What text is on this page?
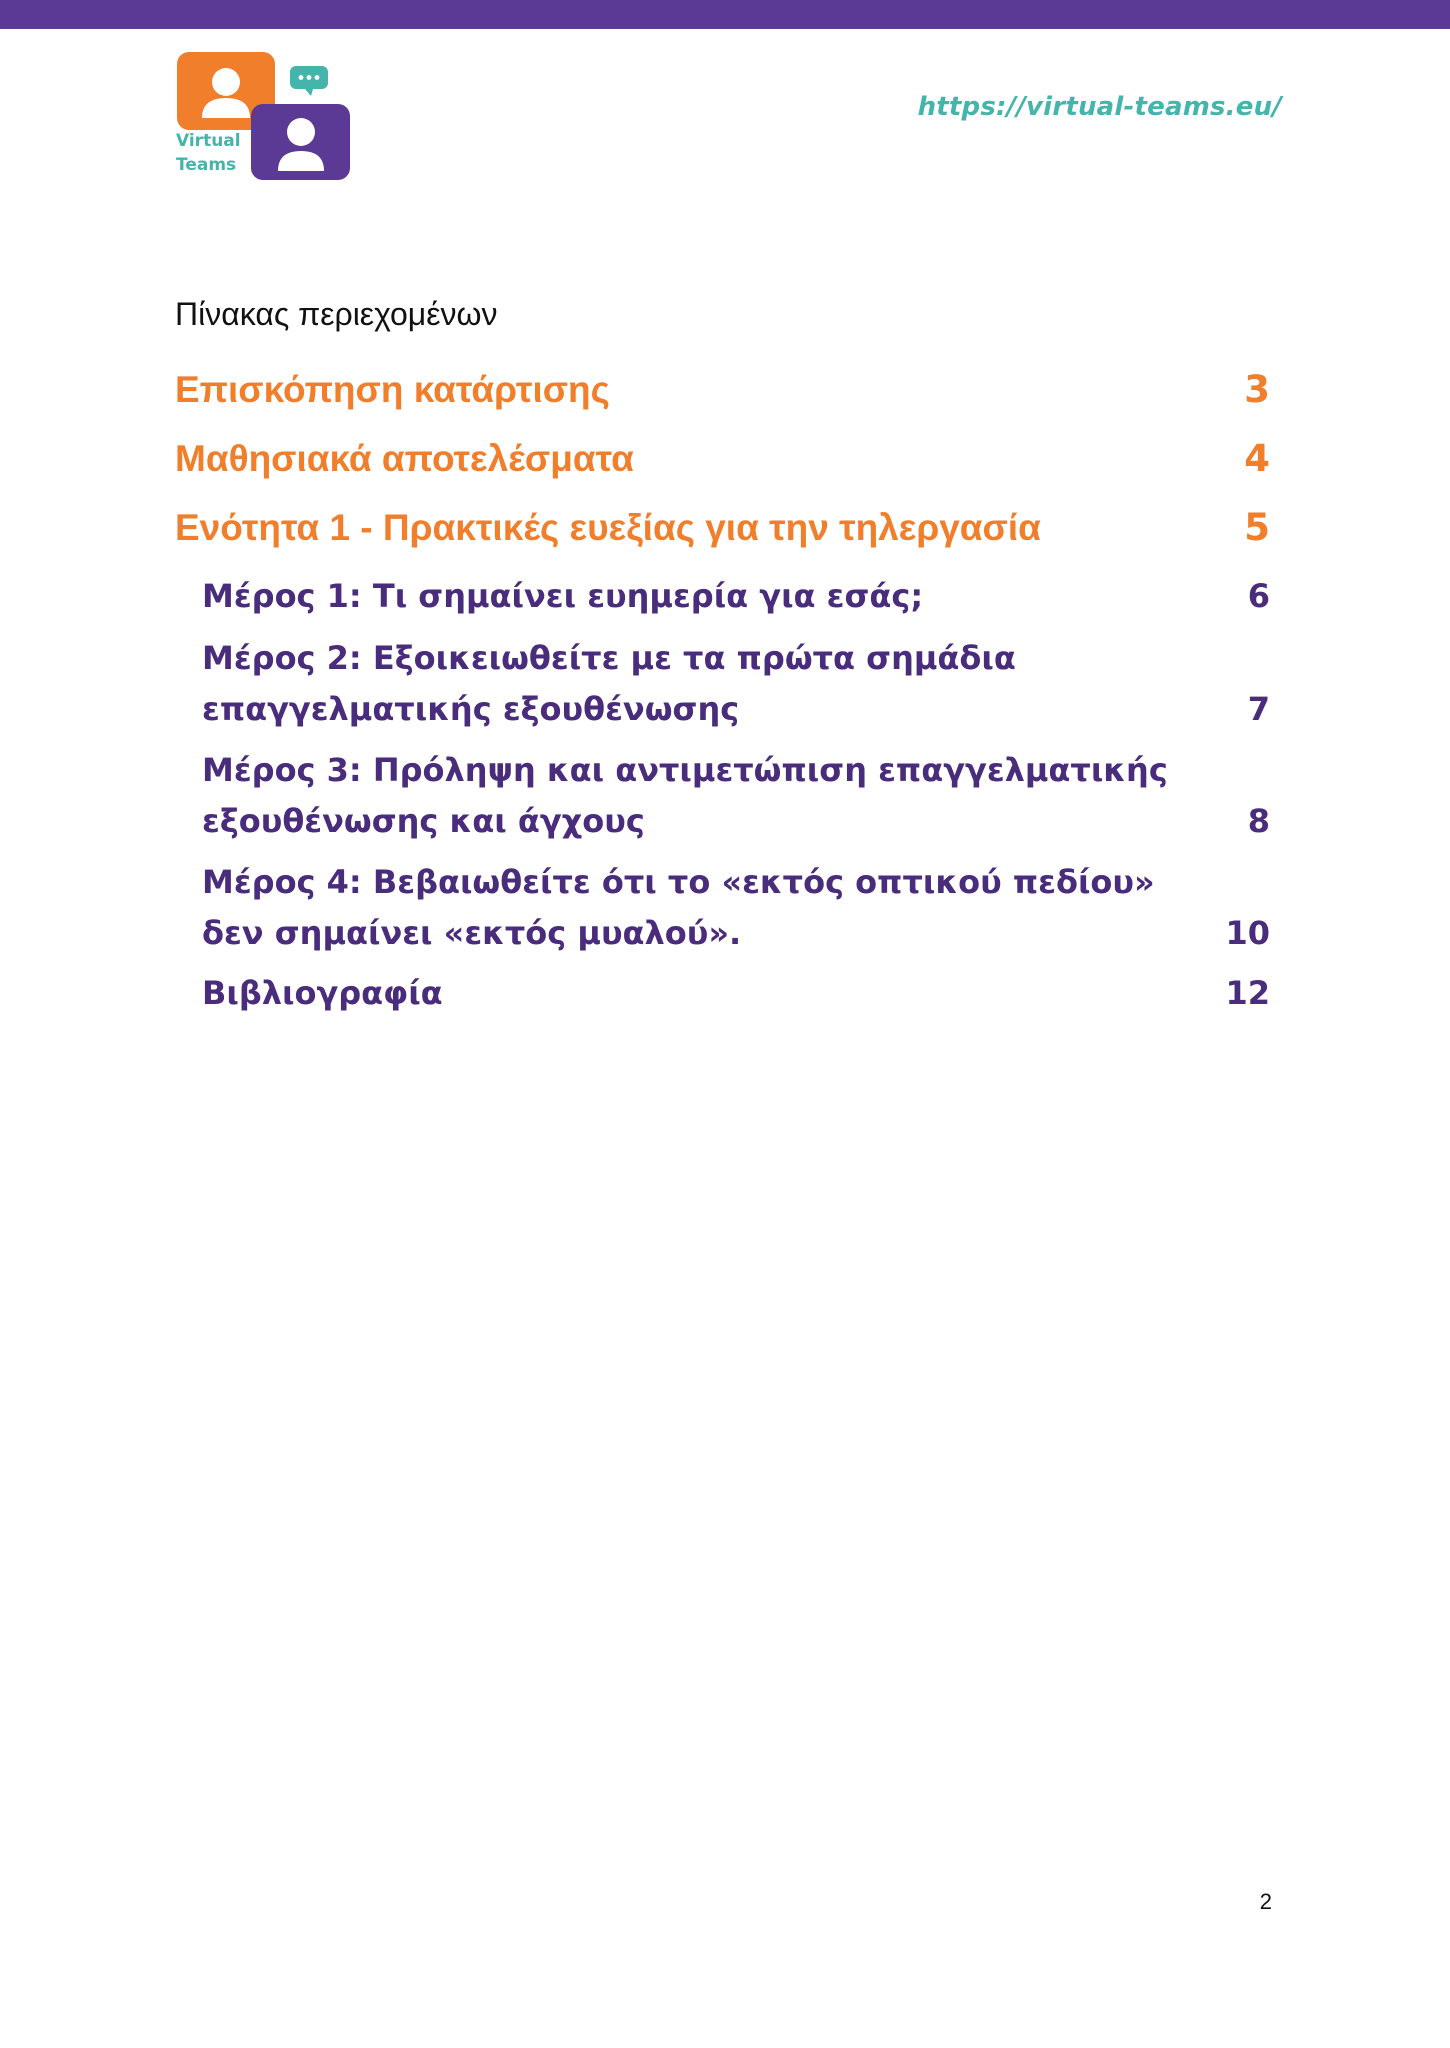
Virtual
Teams
https://virtual-teams.eu/
Πίνακας περιεχομένων
Επισκόπηση κατάρτισης	3
Μαθησιακά αποτελέσματα	4
Ενότητα 1 - Πρακτικές ευεξίας για την τηλεργασία	5
Μέρος 1: Τι σημαίνει ευημερία για εσάς;	6
Μέρος 2: Εξοικειωθείτε με τα πρώτα σημάδια επαγγελματικής εξουθένωσης	7
Μέρος 3: Πρόληψη και αντιμετώπιση επαγγελματικής εξουθένωσης και άγχους	8
Μέρος 4: Βεβαιωθείτε ότι το «εκτός οπτικού πεδίου» δεν σημαίνει «εκτός μυαλού».	10
Βιβλιογραφία	12
2
